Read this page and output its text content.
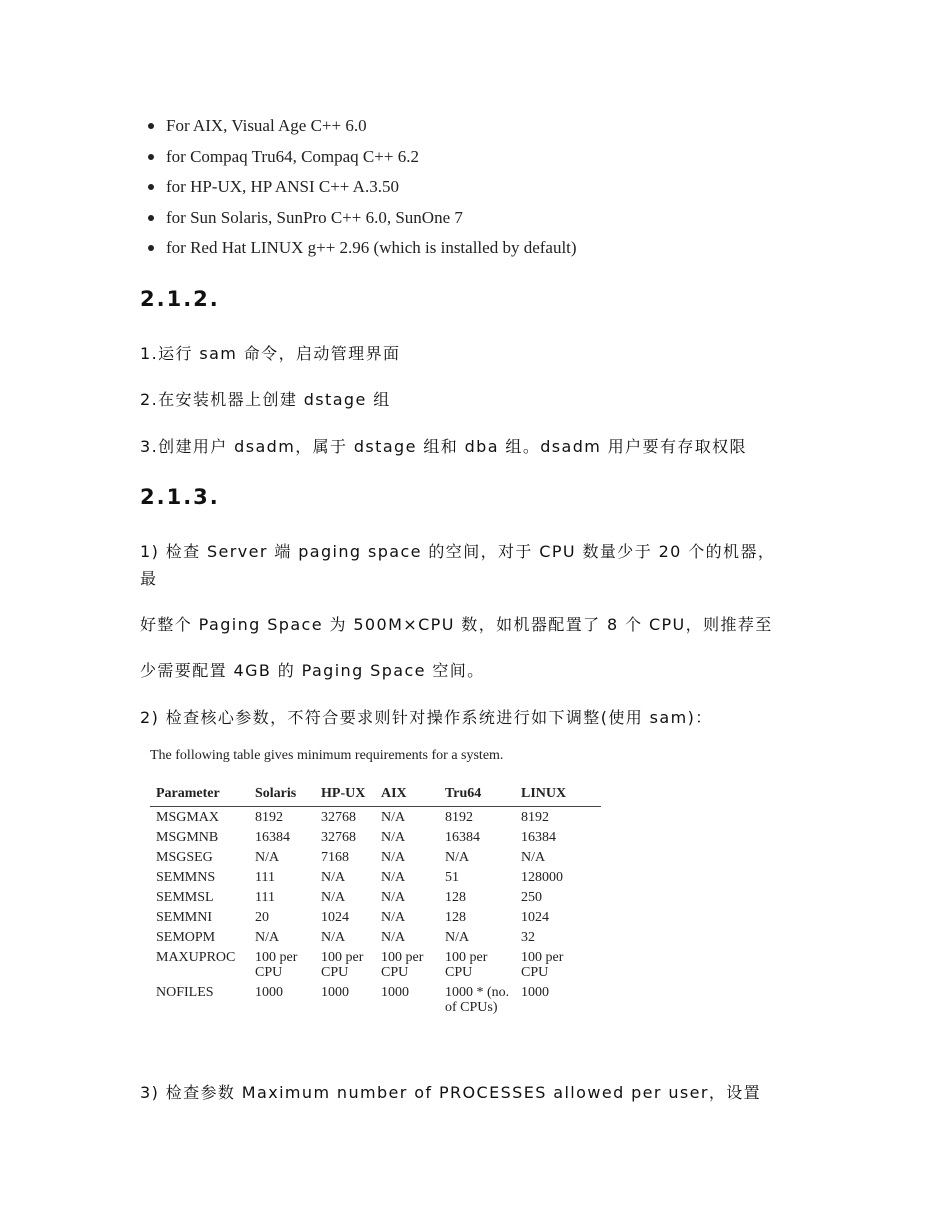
For AIX, Visual Age C++ 6.0
for Compaq Tru64, Compaq C++ 6.2
for HP-UX, HP ANSI C++ A.3.50
for Sun Solaris, SunPro C++ 6.0, SunOne 7
for Red Hat LINUX g++ 2.96 (which is installed by default)
2.1.2.
1.运行 sam 命令，启动管理界面
2.在安装机器上创建 dstage 组
3.创建用户 dsadm，属于 dstage 组和 dba 组。dsadm 用户要有存取权限
2.1.3.
1) 检查 Server 端 paging space 的空间，对于 CPU 数量少于 20 个的机器，
最
好整个 Paging Space 为 500M×CPU 数，如机器配置了 8 个 CPU，则推荐至
少需要配置 4GB 的 Paging Space 空间。
2) 检查核心参数，不符合要求则针对操作系统进行如下调整(使用 sam)：
The following table gives minimum requirements for a system.
Parameter	Solaris	HP-UX	AIX	Tru64	LINUX
MSGMAX	8192	32768	N/A	8192	8192
MSGMNB	16384	32768	N/A	16384	16384
MSGSEG	N/A	7168	N/A	N/A	N/A
SEMMNS	111	N/A	N/A	51	128000
SEMMSL	111	N/A	N/A	128	250
SEMMNI	20	1024	N/A	128	1024
SEMOPM	N/A	N/A	N/A	N/A	32
MAXUPROC	100 per CPU	100 per CPU	100 per CPU	100 per CPU	100 per CPU

NOFILES	1000	1000	1000	1000 * (no. of CPUs)	1000
3) 检查参数 Maximum number of PROCESSES allowed per user，设置
